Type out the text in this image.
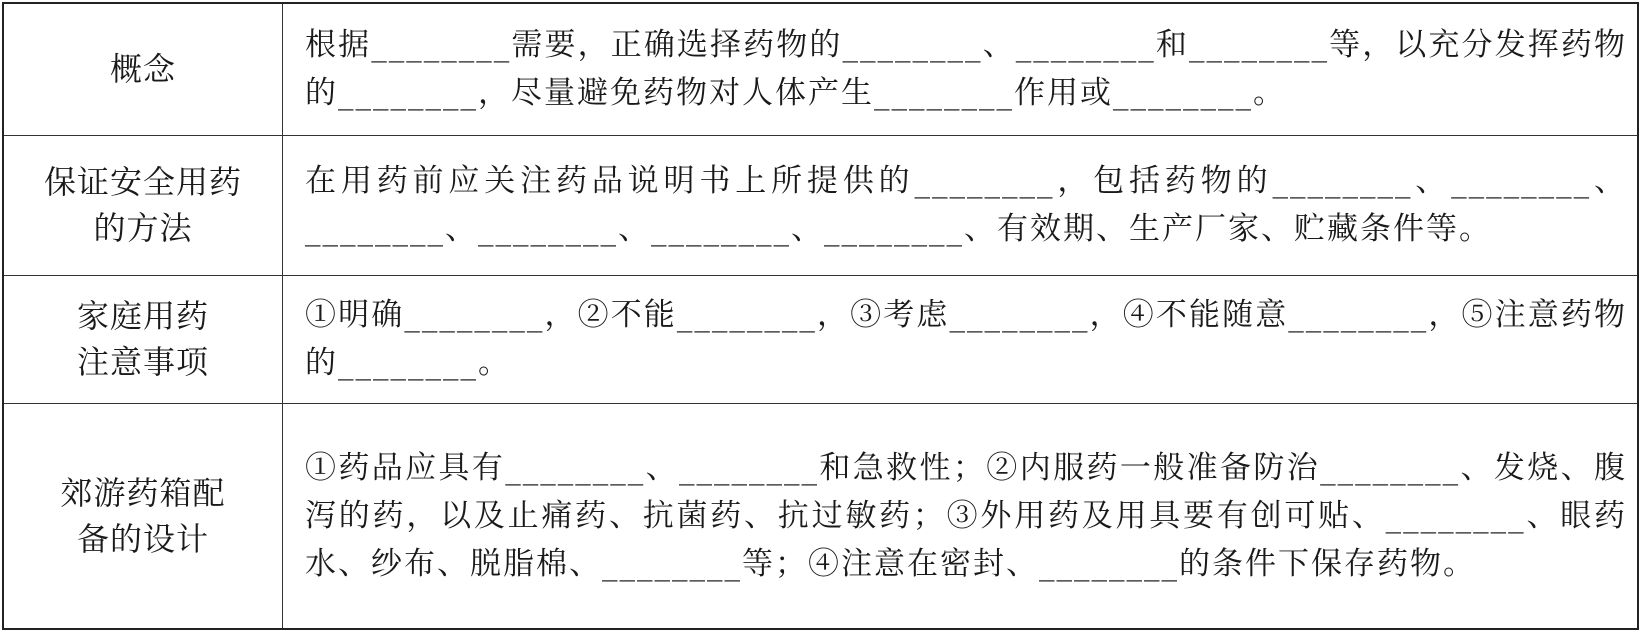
概念	根据________需要，正确选择药物的________、________和________等，以充分发挥药物的________，尽量避免药物对人体产生________作用或________。
保证安全用药的方法	在用药前应关注药品说明书上所提供的________，包括药物的________、________、________、________、________、________、有效期、生产厂家、贮藏条件等。
家庭用药注意事项	①明确________，②不能________，③考虑________，④不能随意________，⑤注意药物的________。
郊游药箱配备的设计	①药品应具有________、________和急救性；②内服药一般准备防治________、发烧、腹泻的药，以及止痛药、抗菌药、抗过敏药；③外用药及用具要有创可贴、________、眼药水、纱布、脱脂棉、________等；④注意在密封、________的条件下保存药物。
